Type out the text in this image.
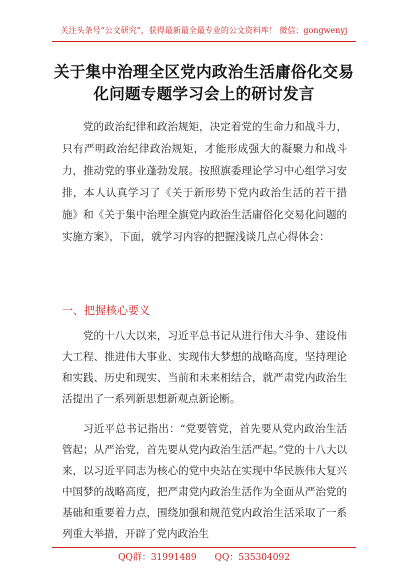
关注头条号“公文研究”，获得最新最全最专业的公文资料库！ 微信：gongwenyj
关于集中治理全区党内政治生活庸俗化交易化问题专题学习会上的研讨发言

党的政治纪律和政治规矩，决定着党的生命力和战斗力，只有严明政治纪律政治规矩，才能形成强大的凝聚力和战斗力，推动党的事业蓬勃发展。按照旗委理论学习中心组学习安排，本人认真学习了《关于新形势下党内政治生活的若干措施》和《关于集中治理全旗党内政治生活庸俗化交易化问题的实施方案》，下面，就学习内容的把握浅谈几点心得体会：

一、把握核心要义

党的十八大以来，习近平总书记从进行伟大斗争、建设伟大工程、推进伟大事业、实现伟大梦想的战略高度，坚持理论和实践、历史和现实、当前和未来相结合，就严肃党内政治生活提出了一系列新思想新观点新论断。

习近平总书记指出：“党要管党，首先要从党内政治生活管起；从严治党，首先要从党内政治生活严起。”党的十八大以来，以习近平同志为核心的党中央站在实现中华民族伟大复兴中国梦的战略高度，把严肃党内政治生活作为全面从严治党的基础和重要着力点，围绕加强和规范党内政治生活采取了一系列重大举措，开辟了党内政治生

QQ群：31991489 QQ：535304092
